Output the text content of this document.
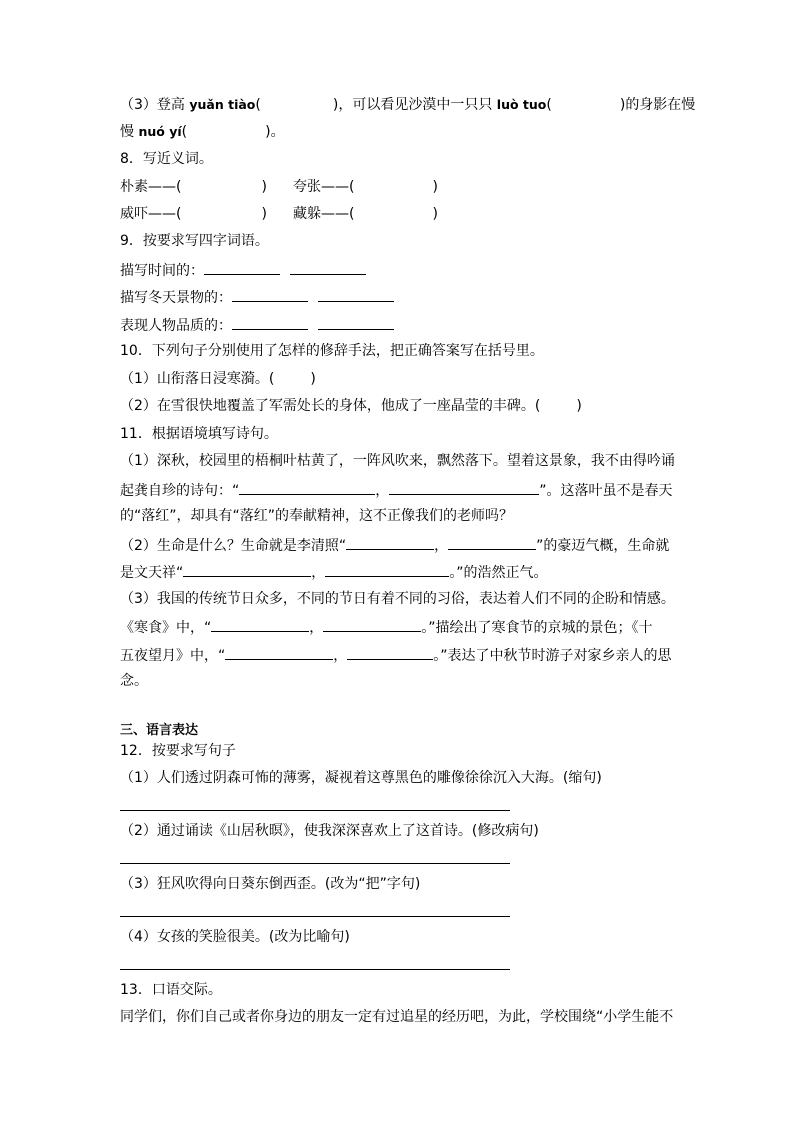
（3）登高 yuǎn tiào(	)，可以看见沙漠中一只只 luò tuo(	)的身影在慢
慢 nuó yí(	)。
8．写近义词。
朴素——(	) 夸张——(	)
威吓——(	) 藏躲——(	)
9．按要求写四字词语。
描写时间的：
描写冬天景物的：
表现人物品质的：
10．下列句子分别使用了怎样的修辞手法，把正确答案写在括号里。
（1）山衔落日浸寒漪。(	)
（2）在雪很快地覆盖了军需处长的身体，他成了一座晶莹的丰碑。(	)
11．根据语境填写诗句。
（1）深秋，校园里的梧桐叶枯黄了，一阵风吹来，飘然落下。望着这景象，我不由得吟诵
起龚自珍的诗句：“	，	”。这落叶虽不是春天
的“落红”，却具有“落红”的奉献精神，这不正像我们的老师吗？
（2）生命是什么？生命就是李清照“	，	”的豪迈气概，生命就
是文天祥“	，	。”的浩然正气。
（3）我国的传统节日众多，不同的节日有着不同的习俗，表达着人们不同的企盼和情感。
《寒食》中，“	，	。”描绘出了寒食节的京城的景色；《十
五夜望月》中，“	，	。”表达了中秋节时游子对家乡亲人的思
念。
三、语言表达
12．按要求写句子
（1）人们透过阴森可怖的薄雾，凝视着这尊黑色的雕像徐徐沉入大海。(缩句)
（2）通过诵读《山居秋暝》，使我深深喜欢上了这首诗。(修改病句)
（3）狂风吹得向日葵东倒西歪。(改为“把”字句)
（4）女孩的笑脸很美。(改为比喻句)
13．口语交际。
同学们，你们自己或者你身边的朋友一定有过追星的经历吧，为此，学校围绕“小学生能不
